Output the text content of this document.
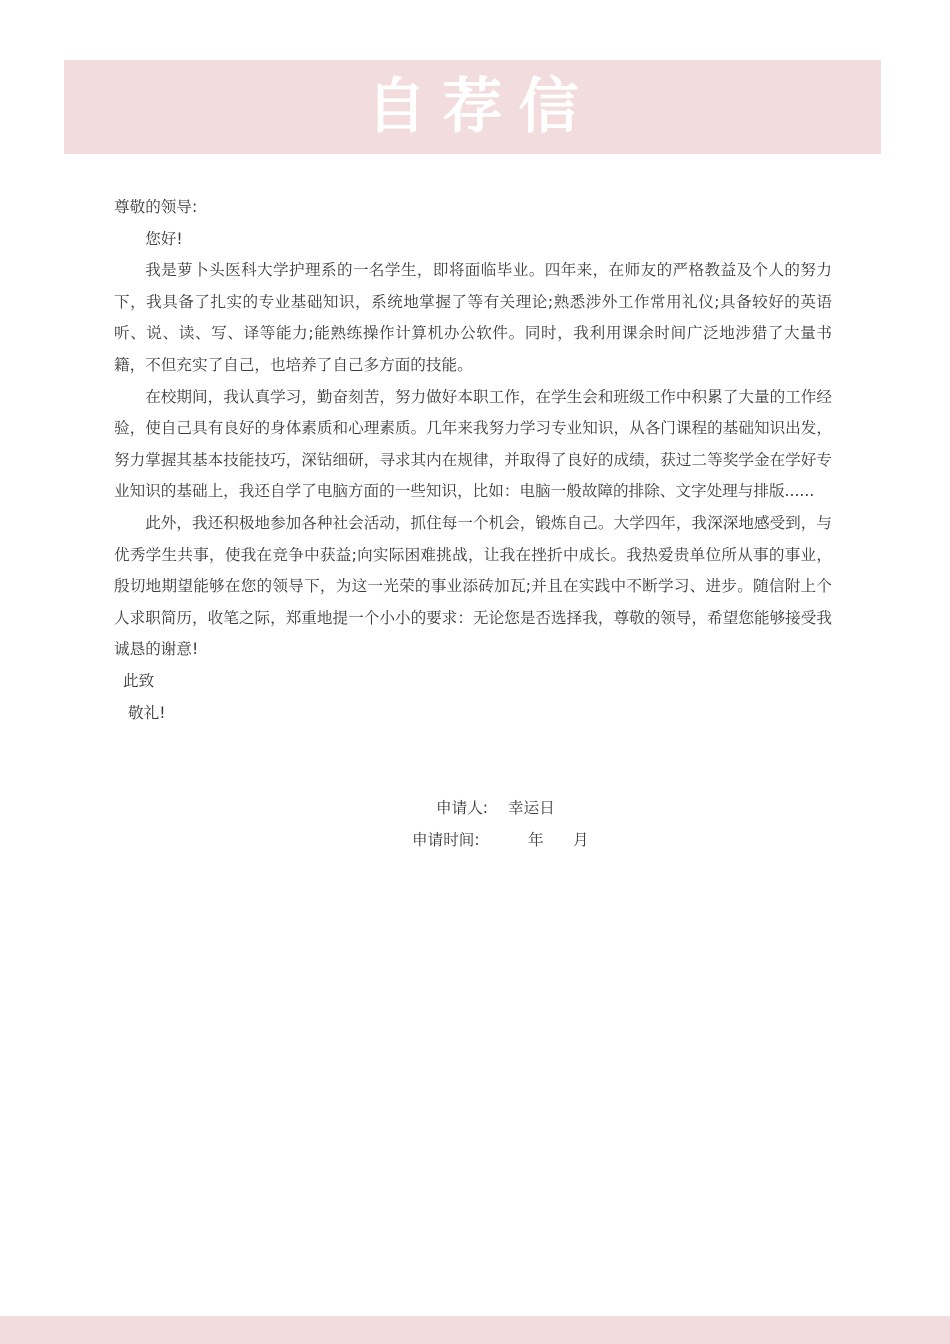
自荐信

尊敬的领导:

您好!

我是萝卜头医科大学护理系的一名学生，即将面临毕业。四年来，在师友的严格教益及个人的努力下，我具备了扎实的专业基础知识，系统地掌握了等有关理论;熟悉涉外工作常用礼仪;具备较好的英语听、说、读、写、译等能力;能熟练操作计算机办公软件。同时，我利用课余时间广泛地涉猎了大量书籍，不但充实了自己，也培养了自己多方面的技能。

在校期间，我认真学习，勤奋刻苦，努力做好本职工作，在学生会和班级工作中积累了大量的工作经验，使自己具有良好的身体素质和心理素质。几年来我努力学习专业知识，从各门课程的基础知识出发，努力掌握其基本技能技巧，深钻细研，寻求其内在规律，并取得了良好的成绩，获过二等奖学金在学好专业知识的基础上，我还自学了电脑方面的一些知识，比如：电脑一般故障的排除、文字处理与排版......

此外，我还积极地参加各种社会活动，抓住每一个机会，锻炼自己。大学四年，我深深地感受到，与优秀学生共事，使我在竞争中获益;向实际困难挑战，让我在挫折中成长。我热爱贵单位所从事的事业，殷切地期望能够在您的领导下，为这一光荣的事业添砖加瓦;并且在实践中不断学习、进步。随信附上个人求职简历，收笔之际，郑重地提一个小小的要求：无论您是否选择我，尊敬的领导，希望您能够接受我诚恳的谢意!

此致

敬礼!

申请人: 幸运日
申请时间:	年 月
